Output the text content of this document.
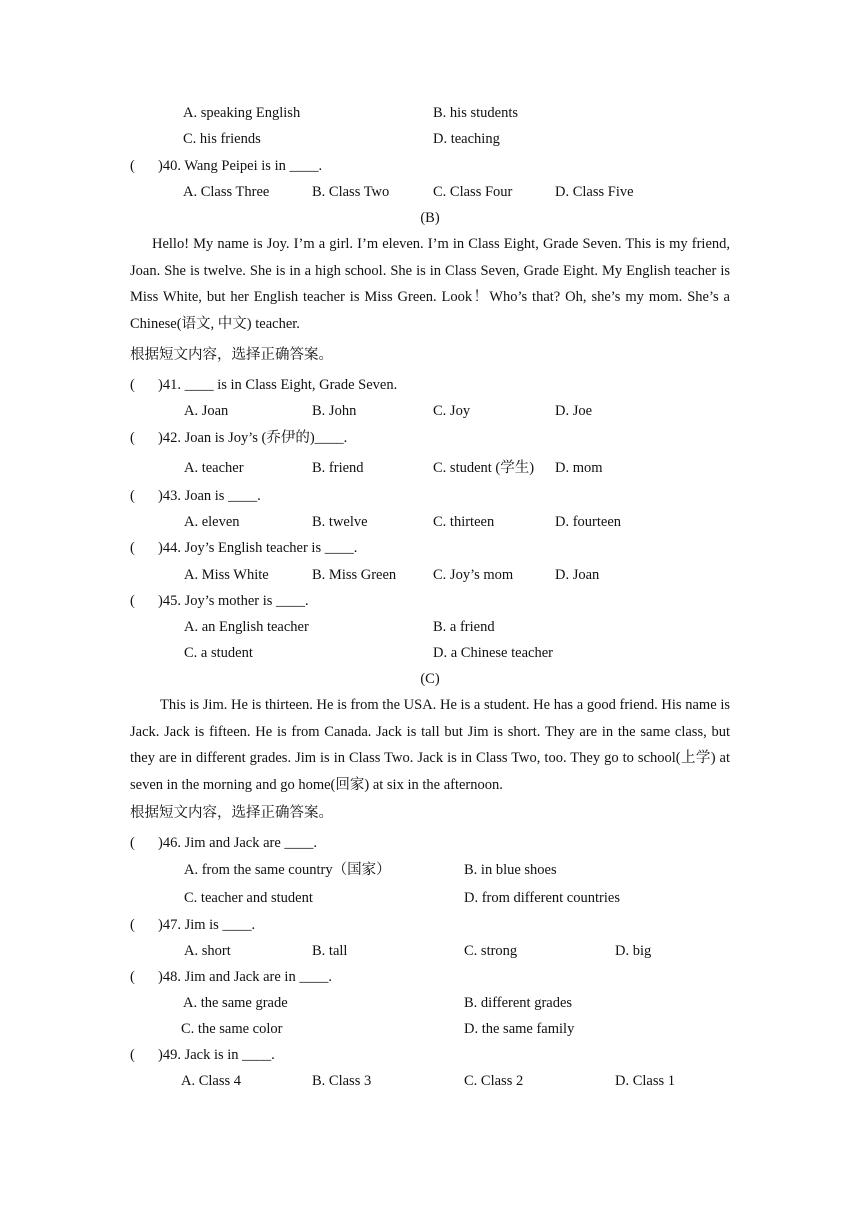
A. speaking English	B. his students
C. his friends	D. teaching
( )40. Wang Peipei is in ____.
A. Class Three	B. Class Two	C. Class Four	D. Class Five
(B)

Hello! My name is Joy. I’m a girl. I’m eleven. I’m in Class Eight, Grade Seven. This is my friend, Joan. She is twelve. She is in a high school. She is in Class Seven, Grade Eight. My English teacher is Miss White, but her English teacher is Miss Green. Look！Who’s that? Oh, she’s my mom. She’s a Chinese(语文, 中文) teacher.

根据短文内容，选择正确答案。
( )41. ____ is in Class Eight, Grade Seven.
A. Joan	B. John	C. Joy	D. Joe
( )42. Joan is Joy’s (乔伊的)____.
A. teacher	B. friend	C. student (学生) D. mom
( )43. Joan is ____.
A. eleven	B. twelve	C. thirteen	D. fourteen
( )44. Joy’s English teacher is ____.
A. Miss White	B. Miss Green	C. Joy’s mom	D. Joan
( )45. Joy’s mother is ____.
A. an English teacher	B. a friend
C. a student	D. a Chinese teacher
(C)

This is Jim. He is thirteen. He is from the USA. He is a student. He has a good friend. His name is Jack. Jack is fifteen. He is from Canada. Jack is tall but Jim is short. They are in the same class, but they are in different grades. Jim is in Class Two. Jack is in Class Two, too. They go to school(上学) at seven in the morning and go home(回家) at six in the afternoon.

根据短文内容，选择正确答案。
( )46. Jim and Jack are ____.
A. from the same country（国家）	B. in blue shoes
C. teacher and student	D. from different countries
( )47. Jim is ____.
A. short	B. tall	C. strong	D. big
( )48. Jim and Jack are in ____.
A. the same grade	B. different grades
C. the same color	D. the same family
( )49. Jack is in ____.
A. Class 4	B. Class 3	C. Class 2	D. Class 1
